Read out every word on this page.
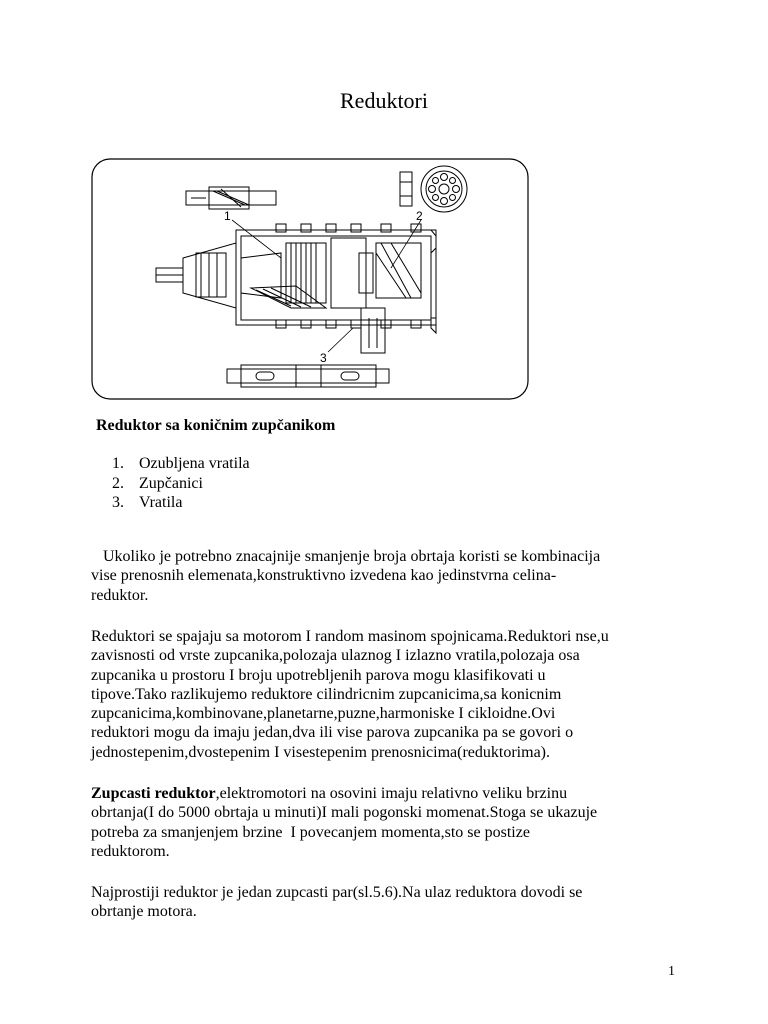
Reduktori
1	2
3
Reduktor sa koničnim zupčanikom
1. Ozubljena vratila
2. Zupčanici
3. Vratila
Ukoliko je potrebno znacajnije smanjenje broja obrtaja koristi se kombinacija
vise prenosnih elemenata,konstruktivno izvedena kao jedinstvrna celina-
reduktor.
Reduktori se spajaju sa motorom I random masinom spojnicama.Reduktori nse,u
zavisnosti od vrste zupcanika,polozaja ulaznog I izlazno vratila,polozaja osa
zupcanika u prostoru I broju upotrebljenih parova mogu klasifikovati u
tipove.Tako razlikujemo reduktore cilindricnim zupcanicima,sa konicnim
zupcanicima,kombinovane,planetarne,puzne,harmoniske I cikloidne.Ovi
reduktori mogu da imaju jedan,dva ili vise parova zupcanika pa se govori o
jednostepenim,dvostepenim I visestepenim prenosnicima(reduktorima).
Zupcasti reduktor,elektromotori na osovini imaju relativno veliku brzinu
obrtanja(I do 5000 obrtaja u minuti)I mali pogonski momenat.Stoga se ukazuje
potreba za smanjenjem brzine  I povecanjem momenta,sto se postize
reduktorom.
Najprostiji reduktor je jedan zupcasti par(sl.5.6).Na ulaz reduktora dovodi se
obrtanje motora.
1
